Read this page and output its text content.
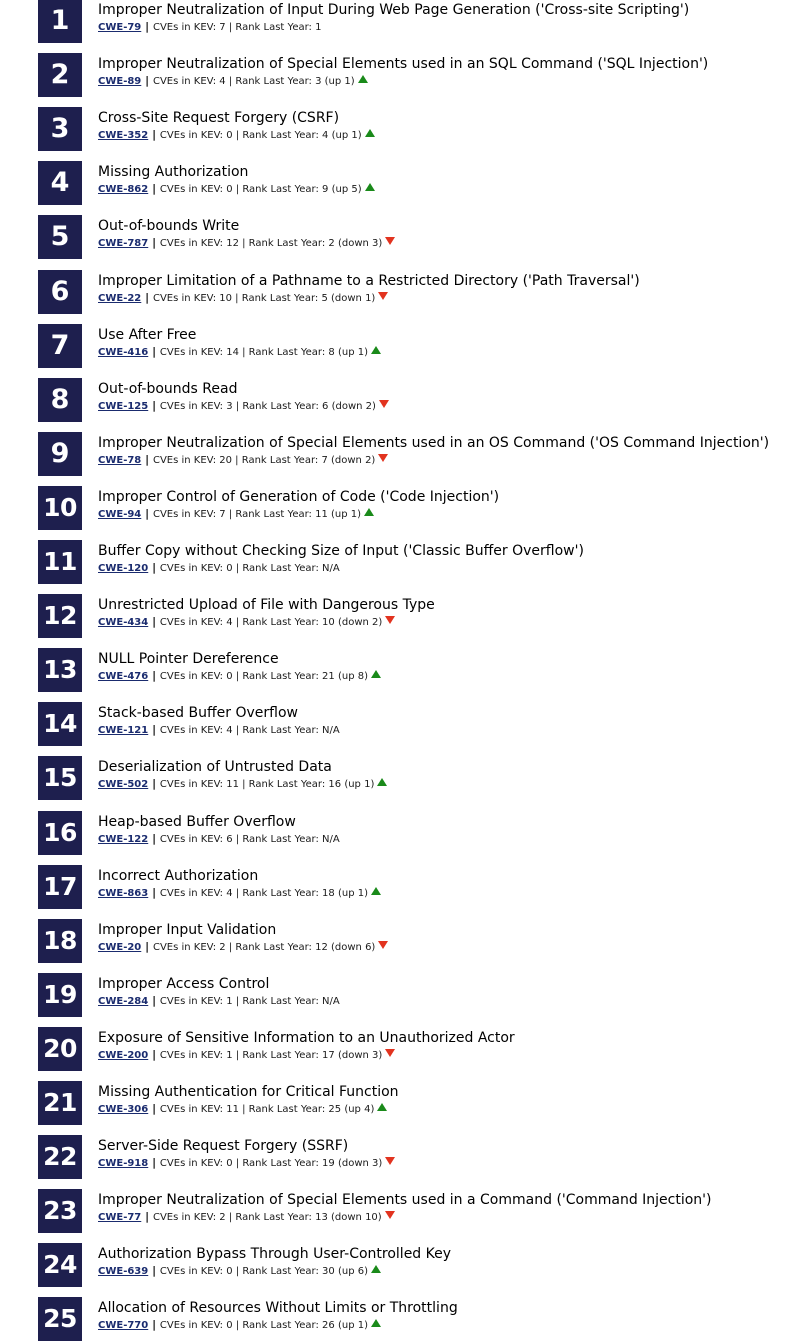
1	Improper Neutralization of Input During Web Page Generation ('Cross-site Scripting')
CWE-79 | CVEs in KEV: 7 | Rank Last Year: 1
2	Improper Neutralization of Special Elements used in an SQL Command ('SQL Injection')
CWE-89 | CVEs in KEV: 4 | Rank Last Year: 3 (up 1)
3	Cross-Site Request Forgery (CSRF)
CWE-352 | CVEs in KEV: 0 | Rank Last Year: 4 (up 1)
4	Missing Authorization
CWE-862 | CVEs in KEV: 0 | Rank Last Year: 9 (up 5)
5	Out-of-bounds Write
CWE-787 | CVEs in KEV: 12 | Rank Last Year: 2 (down 3)
6	Improper Limitation of a Pathname to a Restricted Directory ('Path Traversal')
CWE-22 | CVEs in KEV: 10 | Rank Last Year: 5 (down 1)
7	Use After Free
CWE-416 | CVEs in KEV: 14 | Rank Last Year: 8 (up 1)
8	Out-of-bounds Read
CWE-125 | CVEs in KEV: 3 | Rank Last Year: 6 (down 2)
9	Improper Neutralization of Special Elements used in an OS Command ('OS Command Injection')
CWE-78 | CVEs in KEV: 20 | Rank Last Year: 7 (down 2)
10	Improper Control of Generation of Code ('Code Injection')
CWE-94 | CVEs in KEV: 7 | Rank Last Year: 11 (up 1)
11	Buffer Copy without Checking Size of Input ('Classic Buffer Overflow')
CWE-120 | CVEs in KEV: 0 | Rank Last Year: N/A
12	Unrestricted Upload of File with Dangerous Type
CWE-434 | CVEs in KEV: 4 | Rank Last Year: 10 (down 2)
13	NULL Pointer Dereference
CWE-476 | CVEs in KEV: 0 | Rank Last Year: 21 (up 8)
14	Stack-based Buffer Overflow
CWE-121 | CVEs in KEV: 4 | Rank Last Year: N/A
15	Deserialization of Untrusted Data
CWE-502 | CVEs in KEV: 11 | Rank Last Year: 16 (up 1)
16	Heap-based Buffer Overflow
CWE-122 | CVEs in KEV: 6 | Rank Last Year: N/A
17	Incorrect Authorization
CWE-863 | CVEs in KEV: 4 | Rank Last Year: 18 (up 1)
18	Improper Input Validation
CWE-20 | CVEs in KEV: 2 | Rank Last Year: 12 (down 6)
19	Improper Access Control
CWE-284 | CVEs in KEV: 1 | Rank Last Year: N/A
20	Exposure of Sensitive Information to an Unauthorized Actor
CWE-200 | CVEs in KEV: 1 | Rank Last Year: 17 (down 3)
21	Missing Authentication for Critical Function
CWE-306 | CVEs in KEV: 11 | Rank Last Year: 25 (up 4)
22	Server-Side Request Forgery (SSRF)
CWE-918 | CVEs in KEV: 0 | Rank Last Year: 19 (down 3)
23	Improper Neutralization of Special Elements used in a Command ('Command Injection')
CWE-77 | CVEs in KEV: 2 | Rank Last Year: 13 (down 10)
24	Authorization Bypass Through User-Controlled Key
CWE-639 | CVEs in KEV: 0 | Rank Last Year: 30 (up 6)
25	Allocation of Resources Without Limits or Throttling
CWE-770 | CVEs in KEV: 0 | Rank Last Year: 26 (up 1)
